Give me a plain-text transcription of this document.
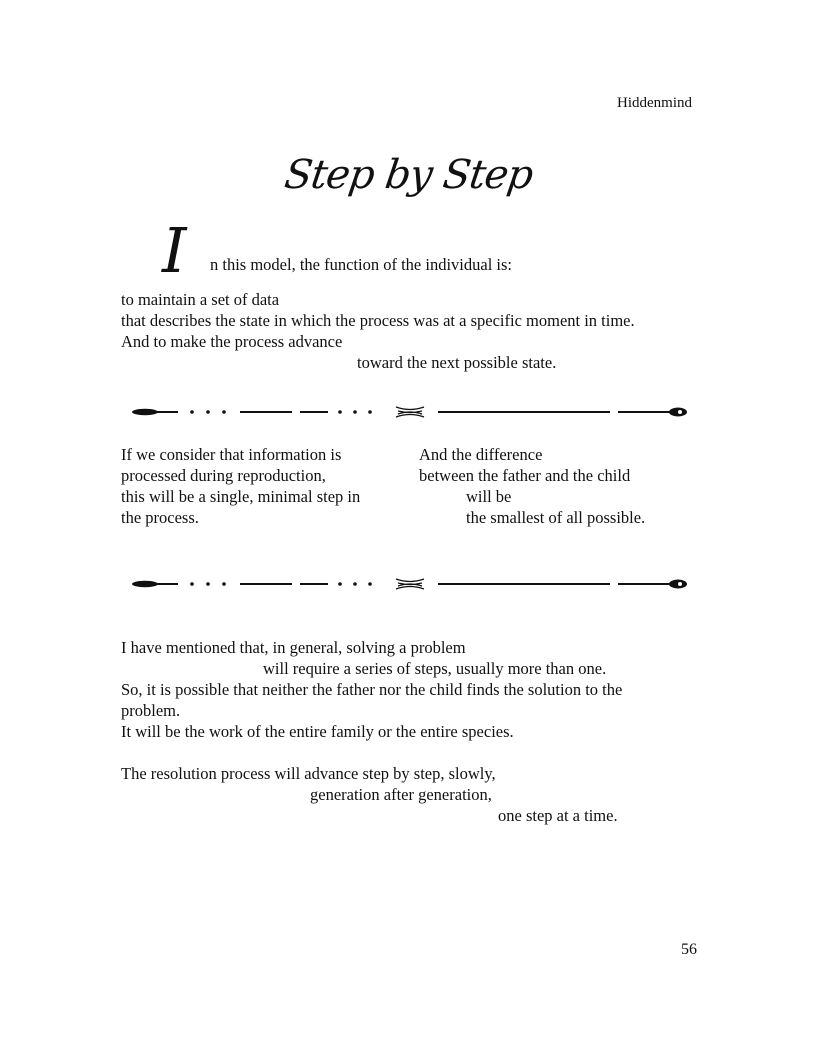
Hiddenmind
Step by Step
I n this model, the function of the individual is:
to maintain a set of data
that describes the state in which the process was at a specific moment in time.
And to make the process advance
toward the next possible state.
If we consider that information is
processed during reproduction,
this will be a single, minimal step in
the process.
And the difference
between the father and the child
will be
the smallest of all possible.
I have mentioned that, in general, solving a problem
will require a series of steps, usually more than one.
So, it is possible that neither the father nor the child finds the solution to the
problem.
It will be the work of the entire family or the entire species.
The resolution process will advance step by step, slowly,
generation after generation,
one step at a time.
56
